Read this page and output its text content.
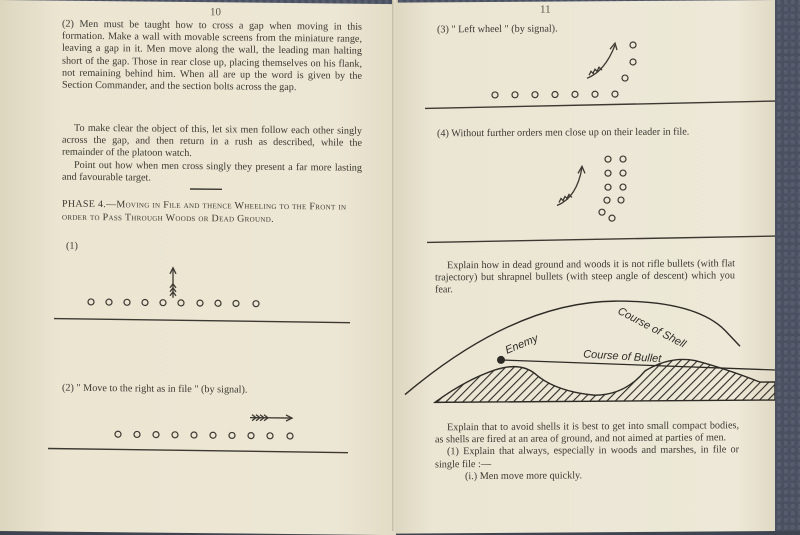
10

(2) Men must be taught how to cross a gap when moving in this formation. Make a wall with movable screens from the miniature range, leaving a gap in it. Men move along the wall, the leading man halting short of the gap. Those in rear close up, placing themselves on his flank, not remaining behind him. When all are up the word is given by the Section Commander, and the section bolts across the gap.

To make clear the object of this, let six men follow each other singly across the gap, and then return in a rush as described, while the remainder of the platoon watch.

Point out how when men cross singly they present a far more lasting and favourable target.

PHASE 4.—Moving in File and thence Wheeling to the Front in order to Pass Through Woods or Dead Ground.
(1)
(2) " Move to the right as in file " (by signal).
11
(3) " Left wheel " (by signal).
(4) Without further orders men close up on their leader in file.

Explain how in dead ground and woods it is not rifle bullets (with flat trajectory) but shrapnel bullets (with steep angle of descent) which you fear.

Explain that to avoid shells it is best to get into small compact bodies, as shells are fired at an area of ground, and not aimed at parties of men.

(1) Explain that always, especially in woods and marshes, in file or single file :—

(i.) Men move more quickly.

Course of Shell
Course of Bullet
Enemy
